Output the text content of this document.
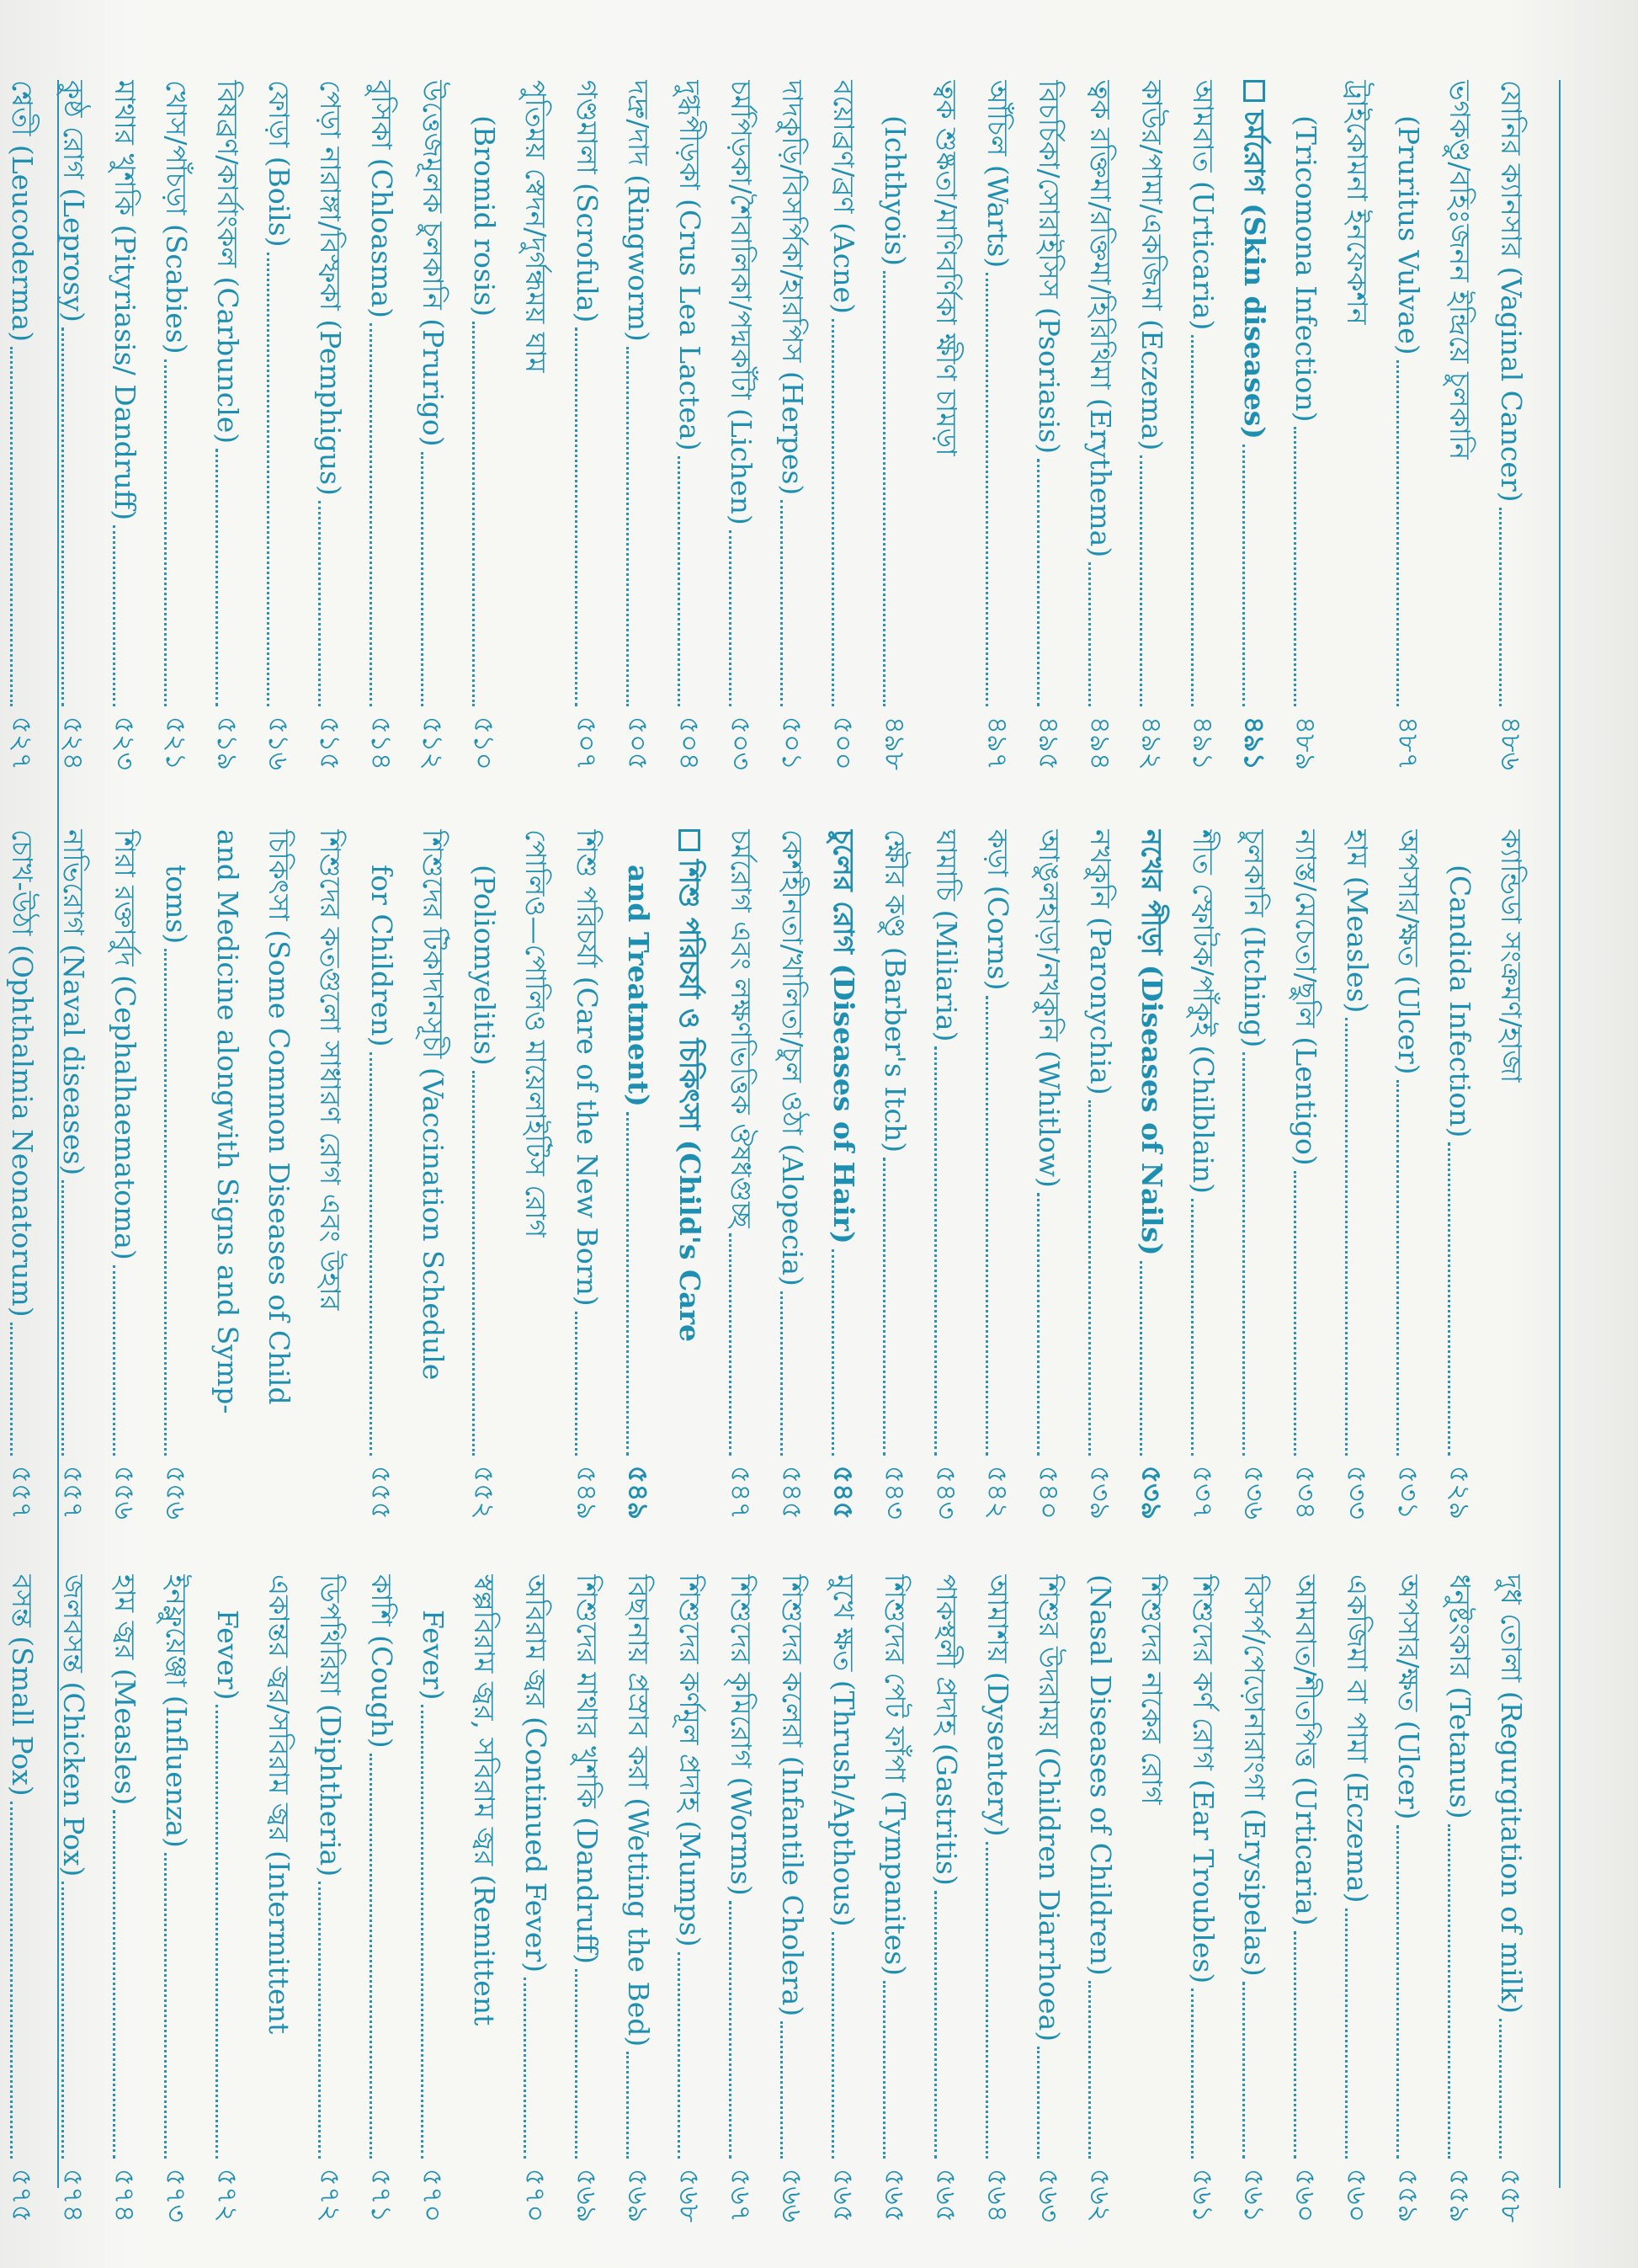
যোনির ক্যানসার (Vaginal Cancer)
৪৮৬
ভগকণ্ডু/বহিঃজনন ইন্দ্রিয়ে চুলকানি
(Pruritus Vulvae)
৪৮৭
ট্রাইকোমনা ইনফেকশন
(Tricomona Infection)
৪৮৯
চর্মরোগ (Skin diseases)
৪৯১
আমবাত (Urticaria)
৪৯১
কাউর/পামা/একজিমা (Eczema)
৪৯২
ত্বক রক্তিমা/রক্তিমা/হিরিথিমা (Erythema)
৪৯৪
বিচর্চিকা/সোরাইসিস (Psoriasis)
৪৯৫
আঁচিল (Warts)
৪৯৭
ত্বক শুষ্কতা/মাণিবর্ণিকা ক্ষীণ চামড়া
(Ichthyois)
৪৯৮
বয়োব্রণ/ব্রণ (Acne)
৫০০
দাদকুড়ি/বিসর্পিকা/হারপিস (Herpes)
৫০১
চর্মপিড়কা/শৈবালিকা/পদ্মকাঁটা (Lichen)
৫০৩
দুগ্ধপীড়কা (Crus Lea Lactea)
৫০৪
দদ্রু/দাদ (Ringworm)
৫০৫
গণ্ডমালা (Scrofula)
৫০৭
পুতিময় স্বেদন/দুর্গন্ধময় ঘাম
(Bromid rosis)
৫১০
উত্তেজমূলক চুলকানি (Prurigo)
৫১২
বুসিকা (Chloasma)
৫১৪
পেড়া নারাঙ্গা/বিস্ফকা (Pemphigus)
৫১৫
ফোড়া (Boils)
৫১৬
বিষব্রণ/কার্বাংকল (Carbuncle)
৫১৯
খোস/পাঁচড়া (Scabies)
৫২১
মাথার খুশকি (Pityriasis/ Dandruff)
৫২৩
কুষ্ঠ রোগ (Leprosy)
৫২৪
শ্বেতী (Leucoderma)
৫২৭
ক্যান্ডিডা সংক্রমণ/হাজা
(Candida Infection)
৫২৯
অপসার/ক্ষত (Ulcer)
৫৩১
হাম (Measles)
৫৩৩
ন্যাস্ত/মেচেতা/ছুলি (Lentigo)
৫৩৪
চুলকানি (Itching)
৫৩৬
শীত স্ফোটক/পাঁকুই (Chilblain)
৫৩৭
নখের পীড়া (Diseases of Nails)
৫৩৯
নখকুনি (Paronychia)
৫৩৯
আঙুলহাড়া/নখকুনি (Whitlow)
৫৪০
কড়া (Corns)
৫৪২
ঘামাচি (Miliaria)
৫৪৩
ক্ষৌর কণ্ডু (Barber's Itch)
৫৪৩
চুলের রোগ (Diseases of Hair)
৫৪৫
কেশহীনতা/খালিতা/চুল ওঠা (Alopecia)
৫৪৫
চর্মরোগ এবং লক্ষণভিত্তিক ঔষধগুচ্ছ
৫৪৭
শিশু পরিচর্যা ও চিকিৎসা (Child's Care
and Treatment)
৫৪৯
শিশু পরিচর্যা (Care of the New Born)
৫৪৯
পোলিও—পোলিও মায়েলাইটিস রোগ
(Poliomyelitis)
৫৫২
শিশুদের টিকাদানসূচী (Vaccination Schedule
for Children)
৫৫৫
শিশুদের কতগুলো সাধারণ রোগ এবং উহার
চিকিৎসা (Some Common Diseases of Child
and Medicine alongwith Signs and Symp-
toms)
৫৫৬
শিরা রক্তার্বুদ (Cephalhaematoma)
৫৫৬
নাভিরোগ (Naval diseases)
৫৫৭
চোখ-উঠা (Ophthalmia Neonatorum)
৫৫৭
দুধ তোলা (Regurgitation of milk)
৫৫৮
ধনুষ্টংকার (Tetanus)
৫৫৯
অপসার/ক্ষত (Ulcer)
৫৫৯
একজিমা বা পামা (Eczema)
৫৬০
আমবাত/শীতপিত্ত (Urticaria)
৫৬০
বিসর্প/পেড়োনারাংগা (Erysipelas)
৫৬১
শিশুদের কর্ণ রোগ (Ear Troubles)
৫৬১
শিশুদের নাকের রোগ
(Nasal Diseases of Children)
৫৬২
শিশুর উদরাময় (Children Diarrhoea)
৫৬৩
আমাশয় (Dysentery)
৫৬৪
পাকস্থলী প্রদাহ (Gastritis)
৫৬৫
শিশুদের পেট ফাঁপা (Tympanites)
৫৬৫
মুখে ক্ষত (Thrush/Apthous)
৫৬৫
শিশুদের কলেরা (Infantile Cholera)
৫৬৬
শিশুদের কৃমিরোগ (Worms)
৫৬৭
শিশুদের কর্ণমূল প্রদাহ (Mumps)
৫৬৮
বিছানায় প্রস্রাব করা (Wetting the Bed)
৫৬৯
শিশুদের মাথার খুশকি (Dandruff)
৫৬৯
অবিরাম জ্বর (Continued Fever)
৫৭০
স্বল্পবিরাম জ্বর, সবিরাম জ্বর (Remittent
Fever)
৫৭০
কাশি (Cough)
৫৭১
ডিপথিরিয়া (Diphtheria)
৫৭২
একান্তর জ্বর/সবিরাম জ্বর (Intermittent
Fever)
৫৭২
ইনফ্লুয়েঞ্জা (Influenza)
৫৭৩
হাম জ্বর (Measles)
৫৭৪
জলবসন্ত (Chicken Pox)
৫৭৪
বসন্ত (Small Pox)
৫৭৫
